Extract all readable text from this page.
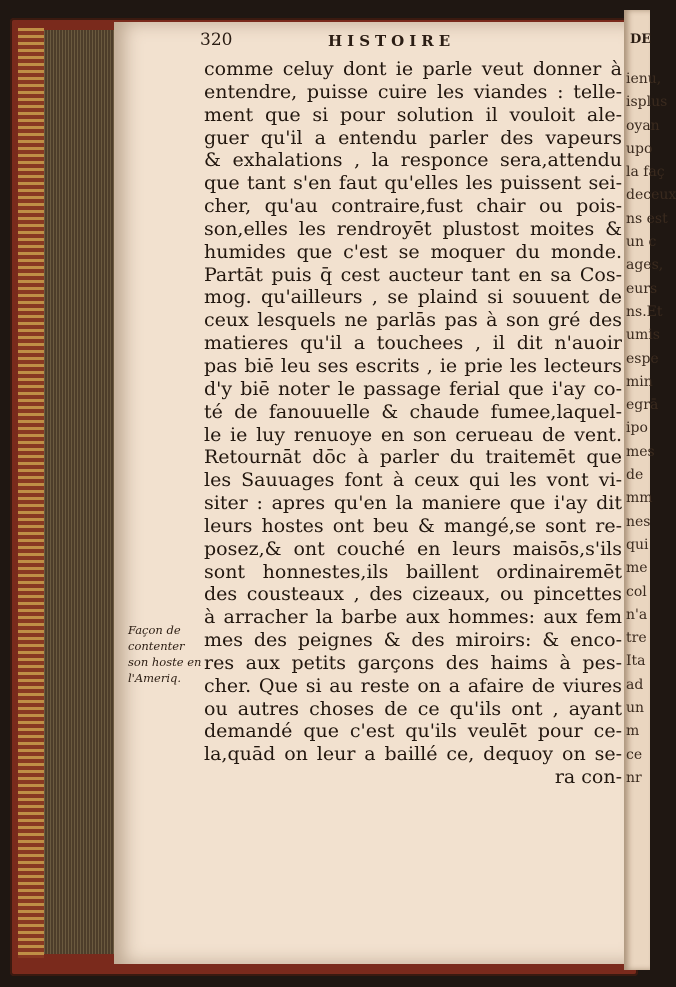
ienu,
isplus
oyan
upo
la faç
deceux
ns est
un c
ages,
eurs
ns.Et
umis
espe
min
egrā
ipo
mes
de
mm
nes
qui
me
col
n'a
tre
Ita
ad
un
m
ce
nr
320	HISTOIRE	DE
comme celuy dont ie parle veut donner à
entendre, puisse cuire les viandes : telle-
ment que si pour solution il vouloit ale-
guer qu'il a entendu parler des vapeurs
& exhalations , la responce sera,attendu
que tant s'en faut qu'elles les puissent sei-
cher, qu'au contraire,fust chair ou pois-
son,elles les rendroyēt plustost moites &
humides que c'est se moquer du monde.
Partāt puis q̄ cest aucteur tant en sa Cos-
mog. qu'ailleurs , se plaind si souuent de
ceux lesquels ne parlās pas à son gré des
matieres qu'il a touchees , il dit n'auoir
pas biē leu ses escrits , ie prie les lecteurs
d'y biē noter le passage ferial que i'ay co-
té de fanouuelle & chaude fumee,laquel-
le ie luy renuoye en son cerueau de vent.
Retournāt dōc à parler du traitemēt que
les Sauuages font à ceux qui les vont vi-
siter : apres qu'en la maniere que i'ay dit
leurs hostes ont beu & mangé,se sont re-
posez,& ont couché en leurs maisōs,s'ils
sont honnestes,ils baillent ordinairemēt
des cousteaux , des cizeaux, ou pincettes
à arracher la barbe aux hommes: aux fem
mes des peignes & des miroirs: & enco-
res aux petits garçons des haims à pes-
cher. Que si au reste on a afaire de viures
ou autres choses de ce qu'ils ont , ayant
demandé que c'est qu'ils veulēt pour ce-
la,quād on leur a baillé ce, dequoy on se-
ra con-
Façon de
contenter
son hoste en
l'Ameriq.
